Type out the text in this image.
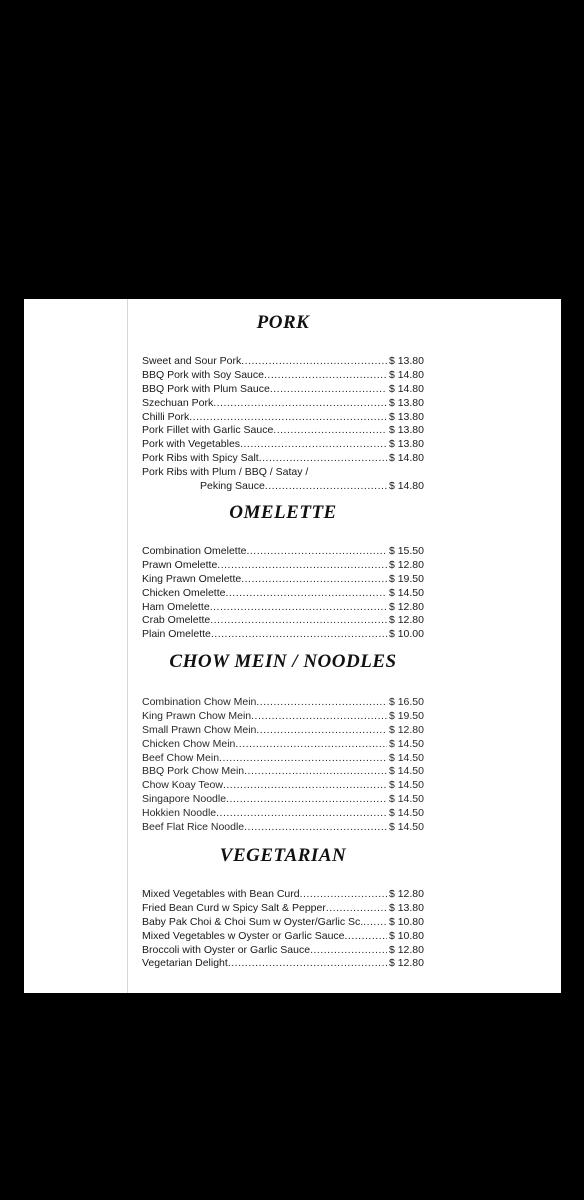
PORK
Sweet and Sour Pork .....	$ 13.80
BBQ Pork with Soy Sauce .....	$ 14.80
BBQ Pork with Plum Sauce .....	$ 14.80
Szechuan Pork .....	$ 13.80
Chilli Pork .....	$ 13.80
Pork Fillet with Garlic Sauce .....	$ 13.80
Pork with Vegetables .....	$ 13.80
Pork Ribs with Spicy Salt .....	$ 14.80
Pork Ribs with Plum / BBQ / Satay /
Peking Sauce .....	$ 14.80
OMELETTE
Combination Omelette .....	$ 15.50
Prawn Omelette .....	$ 12.80
King Prawn Omelette .....	$ 19.50
Chicken Omelette .....	$ 14.50
Ham Omelette .....	$ 12.80
Crab Omelette .....	$ 12.80
Plain Omelette .....	$ 10.00
CHOW MEIN / NOODLES
Combination Chow Mein .....	$ 16.50
King Prawn Chow Mein .....	$ 19.50
Small Prawn Chow Mein .....	$ 12.80
Chicken Chow Mein .....	$ 14.50
Beef Chow Mein .....	$ 14.50
BBQ Pork Chow Mein .....	$ 14.50
Chow Koay Teow .....	$ 14.50
Singapore Noodle .....	$ 14.50
Hokkien Noodle .....	$ 14.50
Beef Flat Rice Noodle .....	$ 14.50
VEGETARIAN
Mixed Vegetables with Bean Curd .....	$ 12.80
Fried Bean Curd w Spicy Salt & Pepper .....	$ 13.80
Baby Pak Choi & Choi Sum w Oyster/Garlic Sc. ..... $ 10.80
Mixed Vegetables w Oyster or Garlic Sauce .....	$ 10.80
Broccoli with Oyster or Garlic Sauce .....	$ 12.80
Vegetarian Delight .....	$ 12.80
